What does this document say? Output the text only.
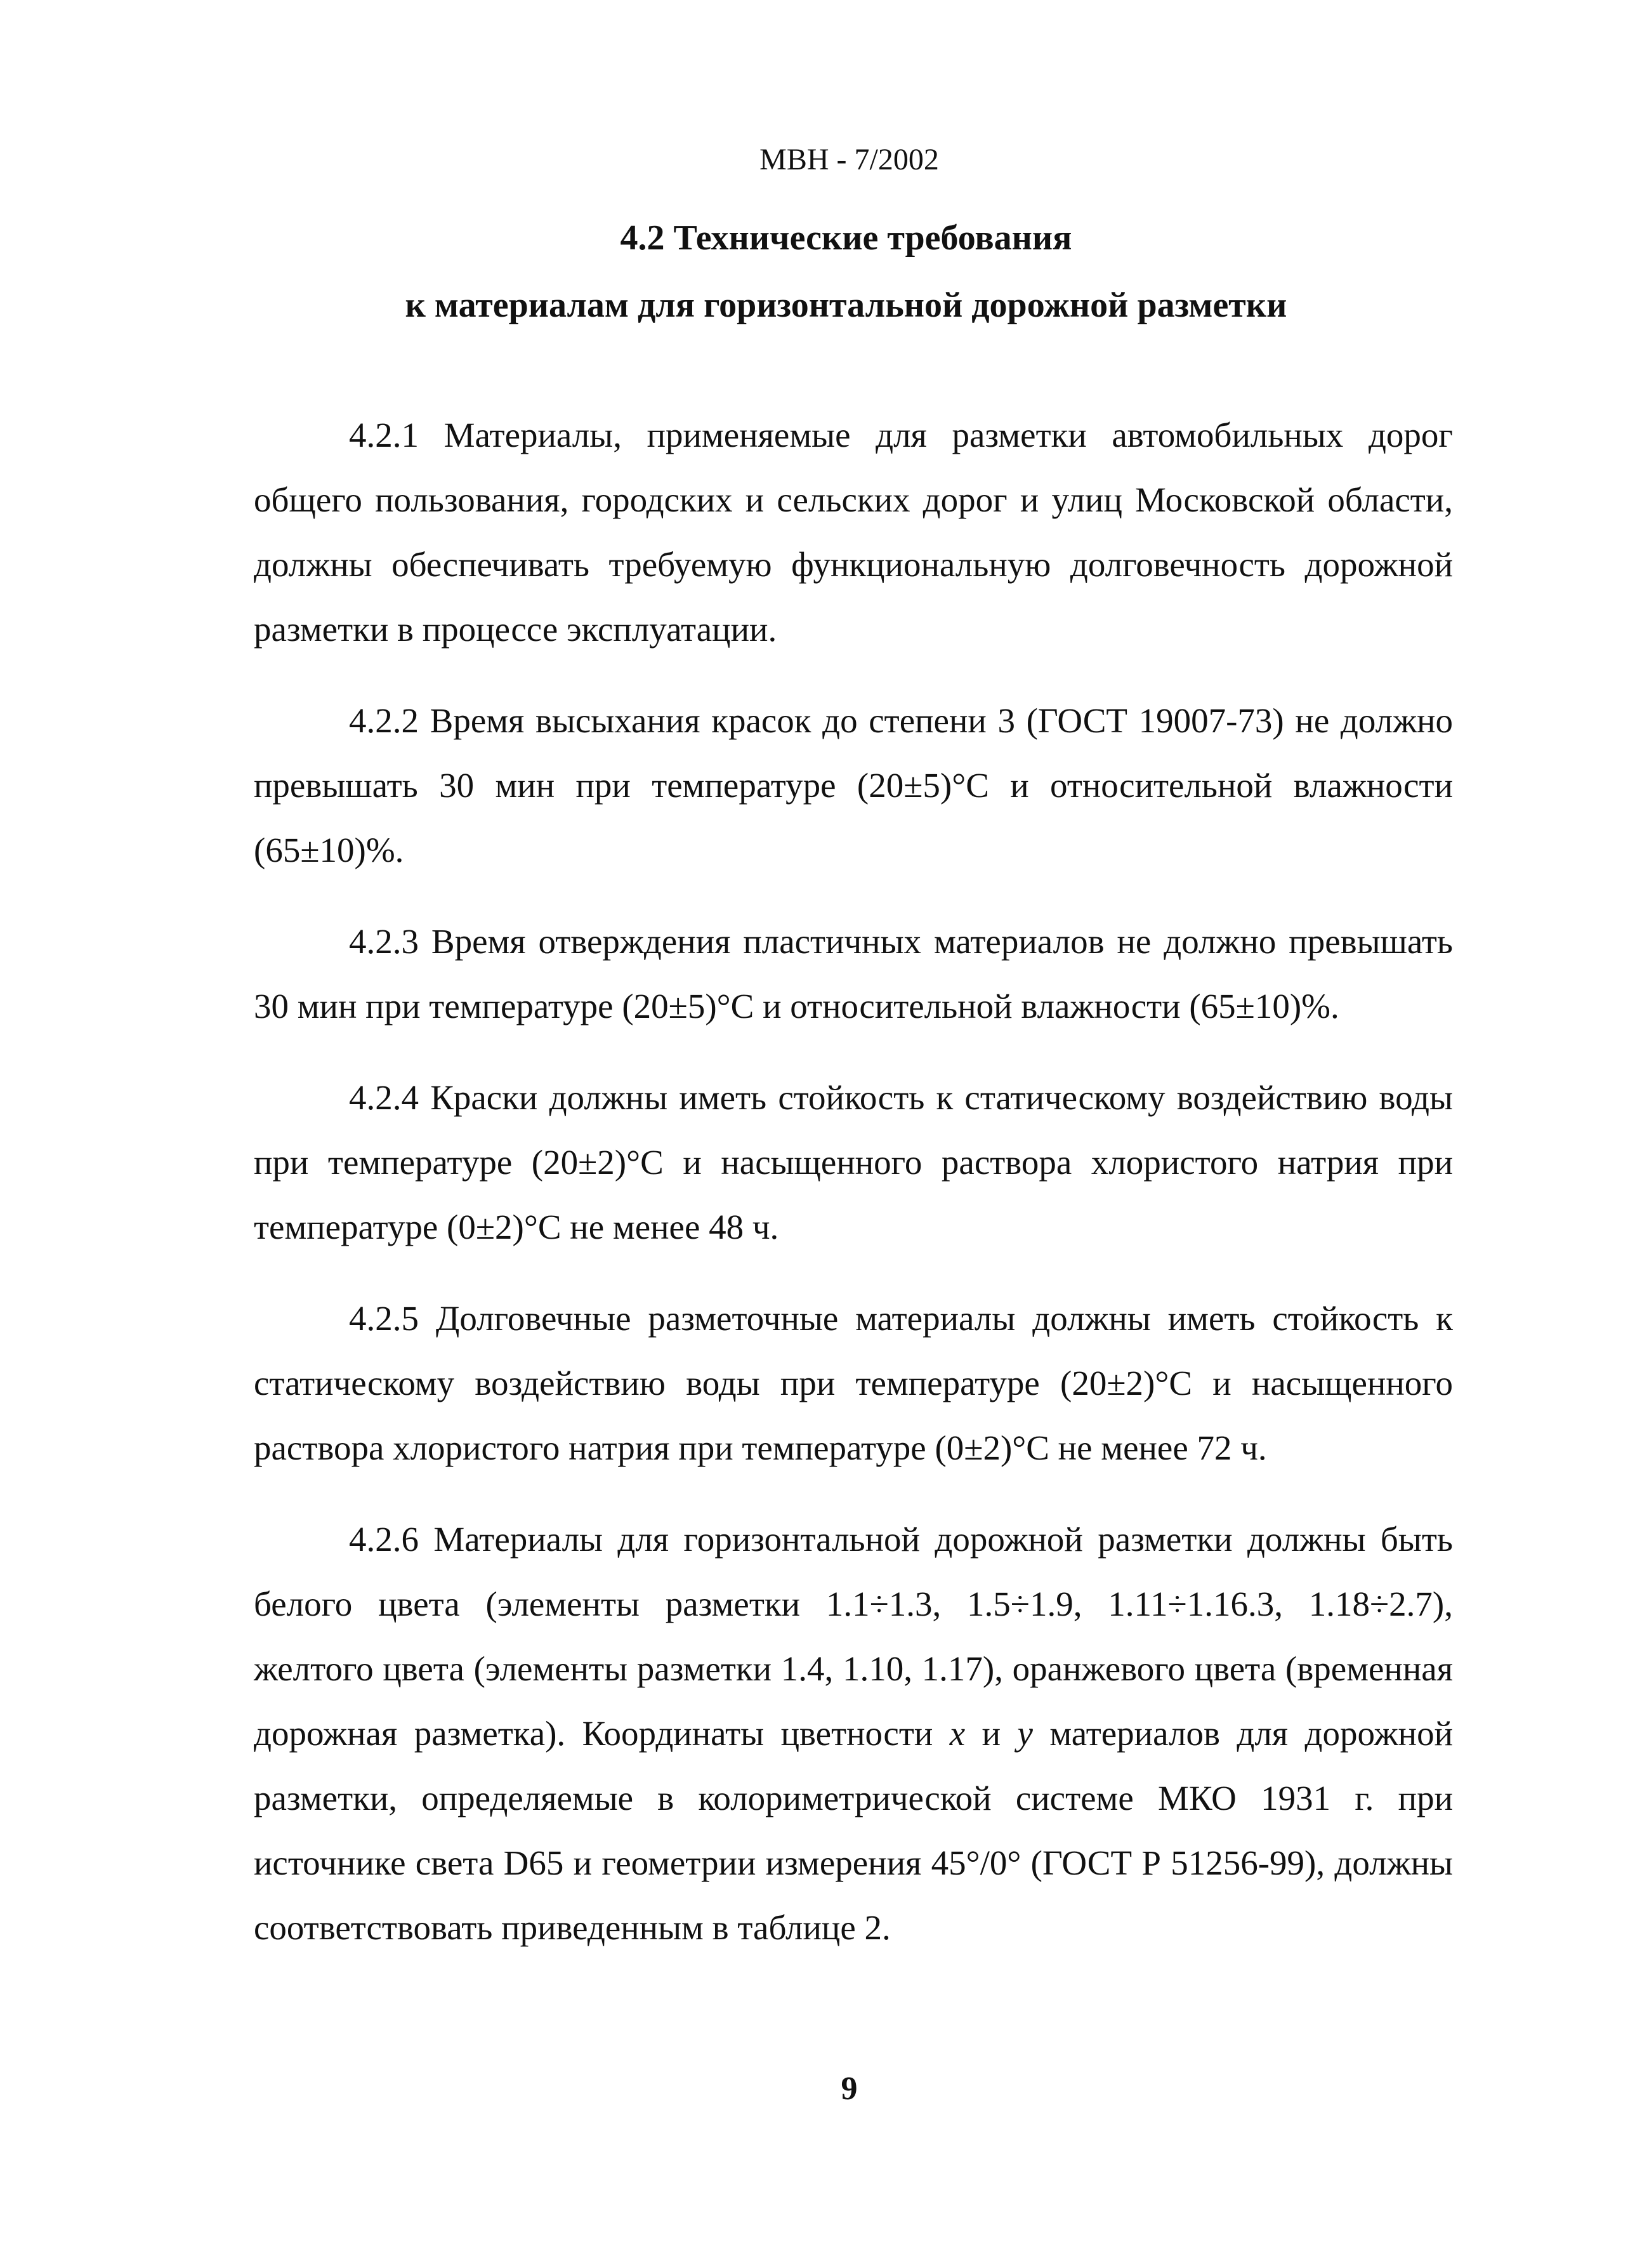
МВН - 7/2002
4.2 Технические требования
к материалам для горизонтальной дорожной разметки

4.2.1 Материалы, применяемые для разметки автомобильных дорог общего пользования, городских и сельских дорог и улиц Московской области, должны обеспечивать требуемую функциональную долговечность дорожной разметки в процессе эксплуатации.

4.2.2 Время высыхания красок до степени 3 (ГОСТ 19007-73) не должно превышать 30 мин при температуре (20±5)°С и относительной влажности (65±10)%.

4.2.3 Время отверждения пластичных материалов не должно превышать 30 мин при температуре (20±5)°С и относительной влажности (65±10)%.

4.2.4 Краски должны иметь стойкость к статическому воздействию воды при температуре (20±2)°С и насыщенного раствора хлористого натрия при температуре (0±2)°С не менее 48 ч.

4.2.5 Долговечные разметочные материалы должны иметь стойкость к статическому воздействию воды при температуре (20±2)°С и насыщенного раствора хлористого натрия при температуре (0±2)°С не менее 72 ч.

4.2.6 Материалы для горизонтальной дорожной разметки должны быть белого цвета (элементы разметки 1.1÷1.3, 1.5÷1.9, 1.11÷1.16.3, 1.18÷2.7), желтого цвета (элементы разметки 1.4, 1.10, 1.17), оранжевого цвета (временная дорожная разметка). Координаты цветности x и y материалов для дорожной разметки, определяемые в колориметрической системе МКО 1931 г. при источнике света D65 и геометрии измерения 45°/0° (ГОСТ Р 51256-99), должны соответствовать приведенным в таблице 2.

9
